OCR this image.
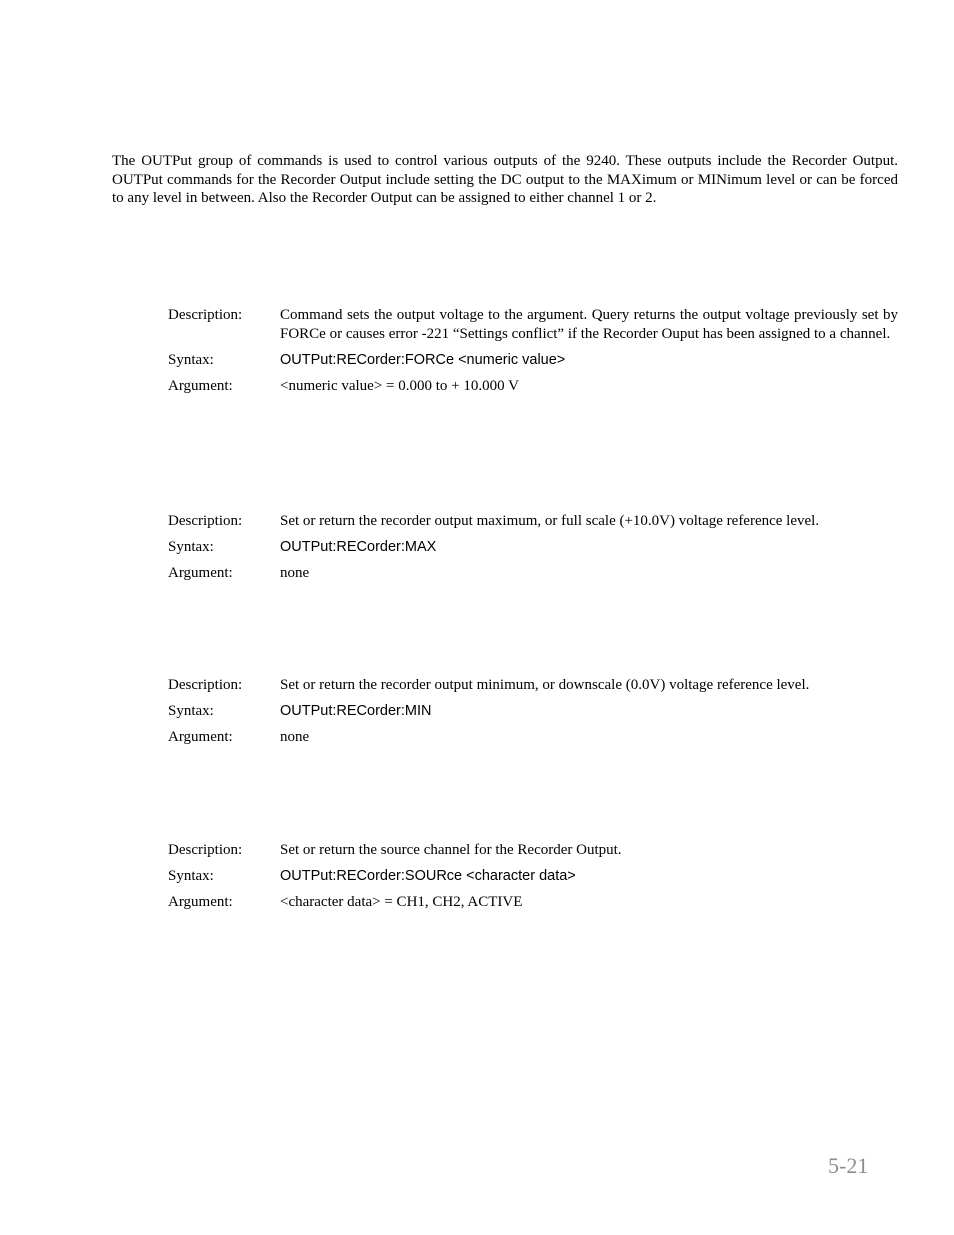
The OUTPut group of commands is used to control various outputs of the 9240. These outputs include the Recorder Output. OUTPut commands for the Recorder Output include setting the DC output to the MAXimum or MINimum level or can be forced to any level in between. Also the Recorder Output can be assigned to either channel 1 or 2.

Description:	Command sets the output voltage to the argument. Query returns the output voltage previously set by FORCe or causes error -221 “Settings conflict” if the Recorder Ouput has been assigned to a channel.
Syntax:	OUTPut:RECorder:FORCe <numeric value>
Argument:	<numeric value> = 0.000 to + 10.000 V
Description:	Set or return the recorder output maximum, or full scale (+10.0V) voltage reference level.
Syntax:	OUTPut:RECorder:MAX
Argument:	none
Description:	Set or return the recorder output minimum, or downscale (0.0V) voltage reference level.
Syntax:	OUTPut:RECorder:MIN
Argument:	none
Description:	Set or return the source channel for the Recorder Output.
Syntax:	OUTPut:RECorder:SOURce <character data>
Argument:	<character data> = CH1, CH2, ACTIVE
5-21
